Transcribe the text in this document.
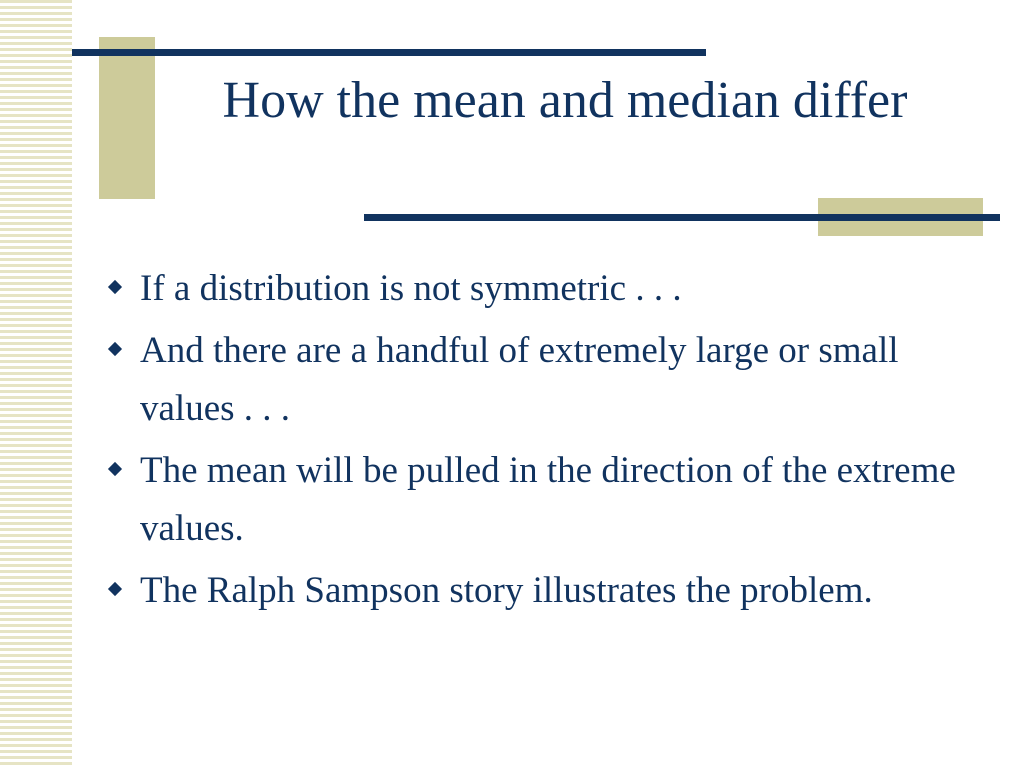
How the mean and median differ
If a distribution is not symmetric . . .
And there are a handful of extremely large or small values . . .
The mean will be pulled in the direction of the extreme values.
The Ralph Sampson story illustrates the problem.
